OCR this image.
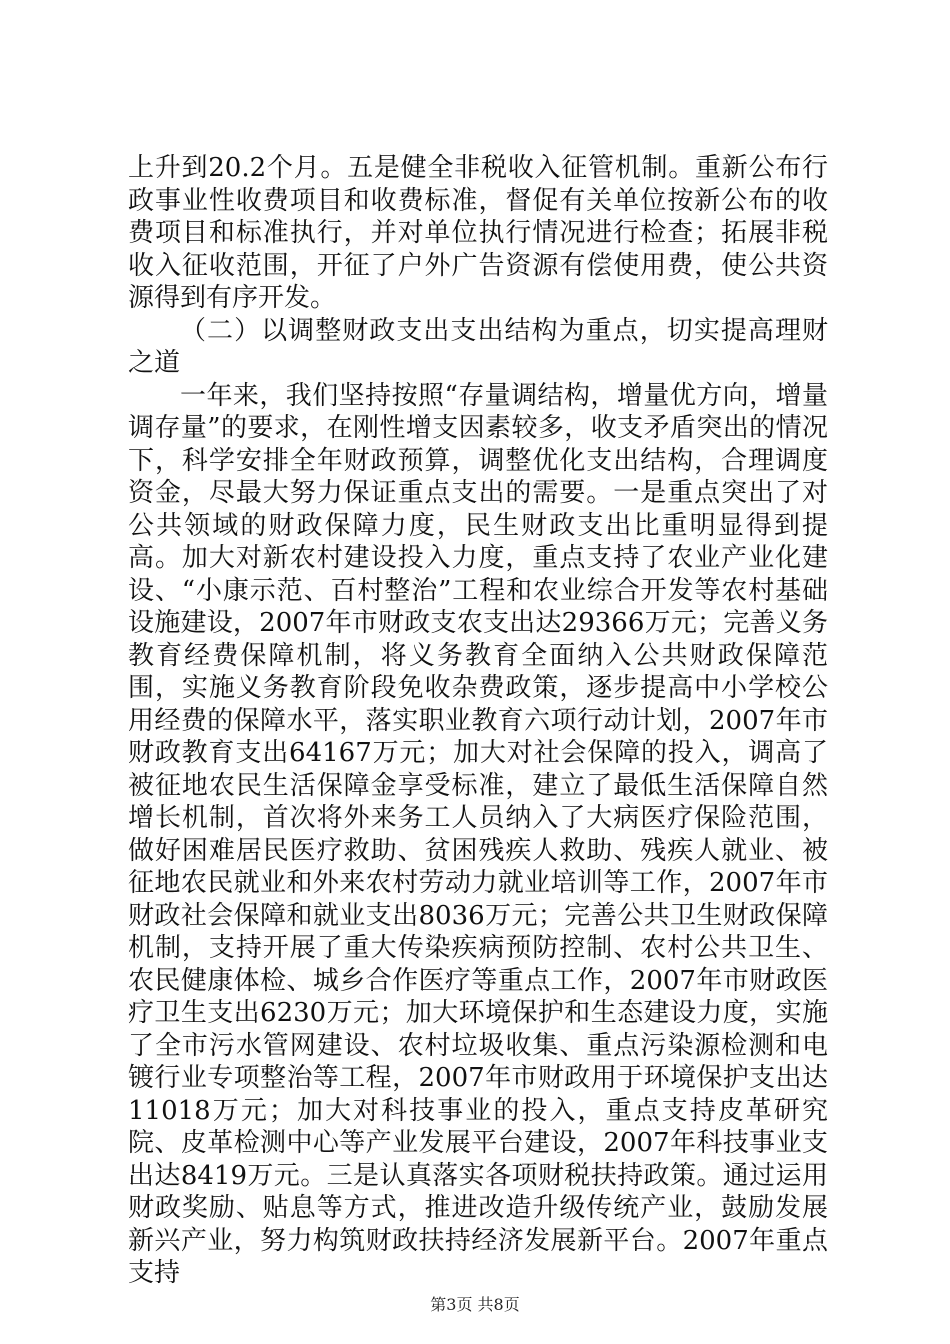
上升到20.2个月。五是健全非税收入征管机制。重新公布行政事业性收费项目和收费标准，督促有关单位按新公布的收费项目和标准执行，并对单位执行情况进行检查；拓展非税收入征收范围，开征了户外广告资源有偿使用费，使公共资源得到有序开发。

（二）以调整财政支出支出结构为重点，切实提高理财之道

一年来，我们坚持按照“存量调结构，增量优方向，增量调存量”的要求，在刚性增支因素较多，收支矛盾突出的情况下，科学安排全年财政预算，调整优化支出结构，合理调度资金，尽最大努力保证重点支出的需要。一是重点突出了对公共领域的财政保障力度，民生财政支出比重明显得到提高。加大对新农村建设投入力度，重点支持了农业产业化建设、“小康示范、百村整治”工程和农业综合开发等农村基础设施建设，2007年市财政支农支出达29366万元；完善义务教育经费保障机制，将义务教育全面纳入公共财政保障范围，实施义务教育阶段免收杂费政策，逐步提高中小学校公用经费的保障水平，落实职业教育六项行动计划，2007年市财政教育支出64167万元；加大对社会保障的投入，调高了被征地农民生活保障金享受标准，建立了最低生活保障自然增长机制，首次将外来务工人员纳入了大病医疗保险范围，做好困难居民医疗救助、贫困残疾人救助、残疾人就业、被征地农民就业和外来农村劳动力就业培训等工作，2007年市财政社会保障和就业支出8036万元；完善公共卫生财政保障机制，支持开展了重大传染疾病预防控制、农村公共卫生、农民健康体检、城乡合作医疗等重点工作，2007年市财政医疗卫生支出6230万元；加大环境保护和生态建设力度，实施了全市污水管网建设、农村垃圾收集、重点污染源检测和电镀行业专项整治等工程，2007年市财政用于环境保护支出达11018万元；加大对科技事业的投入，重点支持皮革研究院、皮革检测中心等产业发展平台建设，2007年科技事业支出达8419万元。三是认真落实各项财税扶持政策。通过运用财政奖励、贴息等方式，推进改造升级传统产业，鼓励发展新兴产业，努力构筑财政扶持经济发展新平台。2007年重点支持

第3页 共8页
